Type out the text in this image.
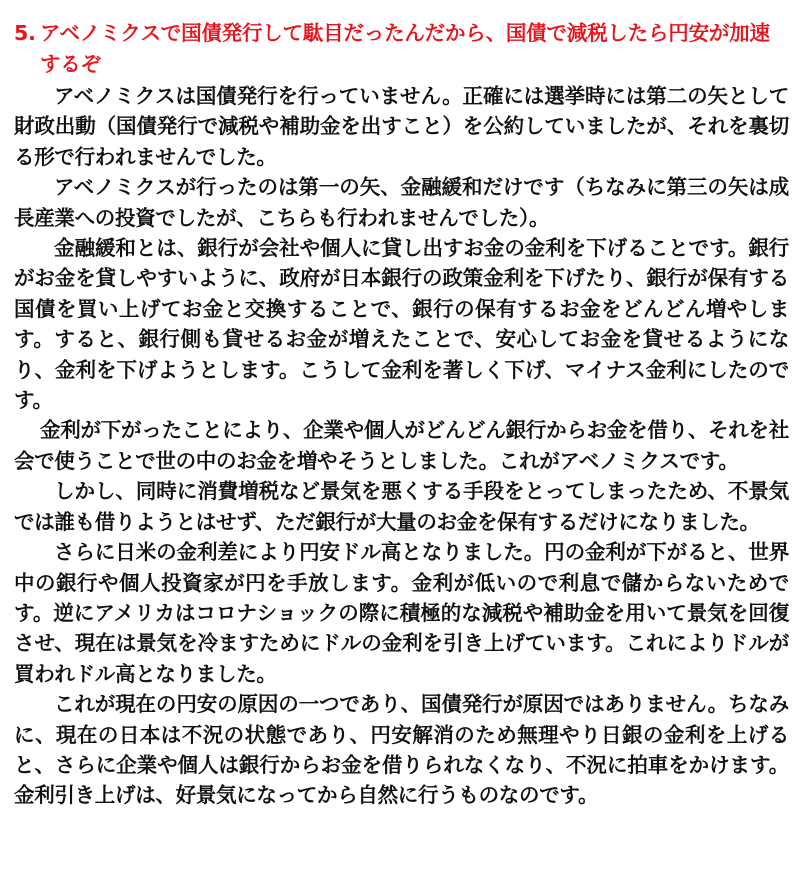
5. アベノミクスで国債発行して駄目だったんだから、国債で減税したら円安が加速するぞ

アベノミクスは国債発行を行っていません。正確には選挙時には第二の矢として財政出動（国債発行で減税や補助金を出すこと）を公約していましたが、それを裏切る形で行われませんでした。

アベノミクスが行ったのは第一の矢、金融緩和だけです（ちなみに第三の矢は成長産業への投資でしたが、こちらも行われませんでした）。

金融緩和とは、銀行が会社や個人に貸し出すお金の金利を下げることです。銀行がお金を貸しやすいように、政府が日本銀行の政策金利を下げたり、銀行が保有する国債を買い上げてお金と交換することで、銀行の保有するお金をどんどん増やします。すると、銀行側も貸せるお金が増えたことで、安心してお金を貸せるようになり、金利を下げようとします。こうして金利を著しく下げ、マイナス金利にしたのです。

金利が下がったことにより、企業や個人がどんどん銀行からお金を借り、それを社会で使うことで世の中のお金を増やそうとしました。これがアベノミクスです。

しかし、同時に消費増税など景気を悪くする手段をとってしまったため、不景気では誰も借りようとはせず、ただ銀行が大量のお金を保有するだけになりました。

さらに日米の金利差により円安ドル高となりました。円の金利が下がると、世界中の銀行や個人投資家が円を手放します。金利が低いので利息で儲からないためです。逆にアメリカはコロナショックの際に積極的な減税や補助金を用いて景気を回復させ、現在は景気を冷ますためにドルの金利を引き上げています。これによりドルが買われドル高となりました。

これが現在の円安の原因の一つであり、国債発行が原因ではありません。ちなみに、現在の日本は不況の状態であり、円安解消のため無理やり日銀の金利を上げると、さらに企業や個人は銀行からお金を借りられなくなり、不況に拍車をかけます。金利引き上げは、好景気になってから自然に行うものなのです。
